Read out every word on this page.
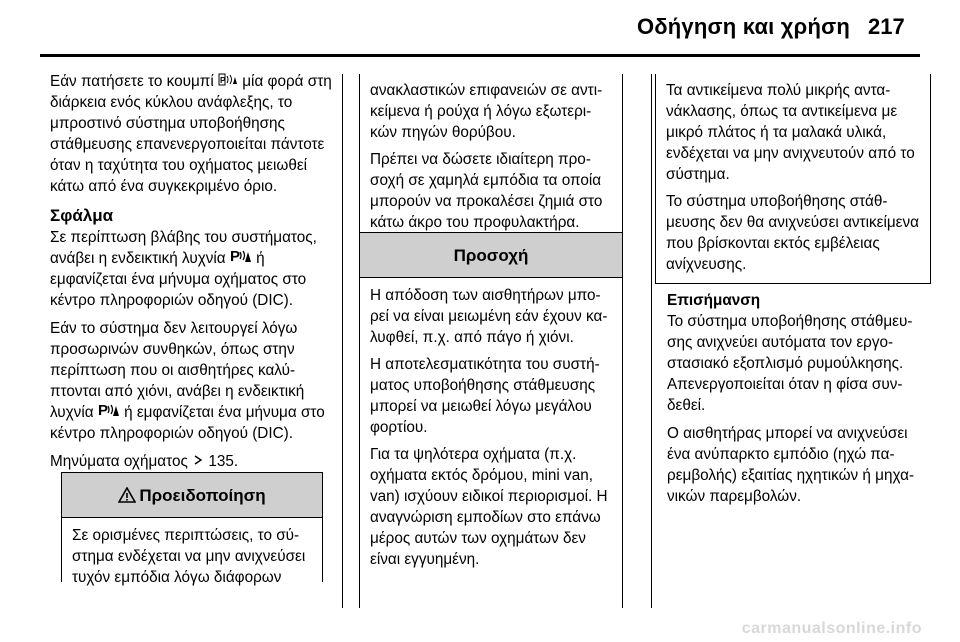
Οδήγηση και χρήση 217

Εάν πατήσετε το κουμπί P μία φορά στη διάρκεια ενός κύκλου ανάφλεξης, το μπροστινό σύστημα υποβοήθησης στάθμευσης επανενεργοποιείται πάντοτε όταν η ταχύτητα του οχήματος μειωθεί κάτω από ένα συγκεκριμένο όριο.

Σφάλμα

Σε περίπτωση βλάβης του συστήματος, ανάβει η ενδεικτική λυχνία P ή εμφανίζεται ένα μήνυμα οχήματος στο κέντρο πληροφοριών οδηγού (DIC).

Εάν το σύστημα δεν λειτουργεί λόγω προσωρινών συνθηκών, όπως στην περίπτωση που οι αισθητήρες καλύπτονται από χιόνι, ανάβει η ενδεικτική λυχνία P ή εμφανίζεται ένα μήνυμα στο κέντρο πληροφοριών οδηγού (DIC).

Μηνύματα οχήματος 135.

Προειδοποίηση

Σε ορισμένες περιπτώσεις, το σύστημα ενδέχεται να μην ανιχνεύσει τυχόν εμπόδια λόγω διάφορων

ανακλαστικών επιφανειών σε αντικείμενα ή ρούχα ή λόγω εξωτερικών πηγών θορύβου.

Πρέπει να δώσετε ιδιαίτερη προσοχή σε χαμηλά εμπόδια τα οποία μπορούν να προκαλέσει ζημιά στο κάτω άκρο του προφυλακτήρα.

Προσοχή

Η απόδοση των αισθητήρων μπορεί να είναι μειωμένη εάν έχουν καλυφθεί, π.χ. από πάγο ή χιόνι.

Η αποτελεσματικότητα του συστήματος υποβοήθησης στάθμευσης μπορεί να μειωθεί λόγω μεγάλου φορτίου.

Για τα ψηλότερα οχήματα (π.χ. οχήματα εκτός δρόμου, mini van, van) ισχύουν ειδικοί περιορισμοί. Η αναγνώριση εμποδίων στο επάνω μέρος αυτών των οχημάτων δεν είναι εγγυημένη.

Τα αντικείμενα πολύ μικρής αντανάκλασης, όπως τα αντικείμενα με μικρό πλάτος ή τα μαλακά υλικά, ενδέχεται να μην ανιχνευτούν από το σύστημα.

Το σύστημα υποβοήθησης στάθμευσης δεν θα ανιχνεύσει αντικείμενα που βρίσκονται εκτός εμβέλειας ανίχνευσης.

Επισήμανση

Το σύστημα υποβοήθησης στάθμευσης ανιχνεύει αυτόματα τον εργοστασιακό εξοπλισμό ρυμούλκησης. Απενεργοποιείται όταν η φίσα συνδεθεί.

Ο αισθητήρας μπορεί να ανιχνεύσει ένα ανύπαρκτο εμπόδιο (ηχώ παρεμβολής) εξαιτίας ηχητικών ή μηχανικών παρεμβολών.

carmanualsonline.info
